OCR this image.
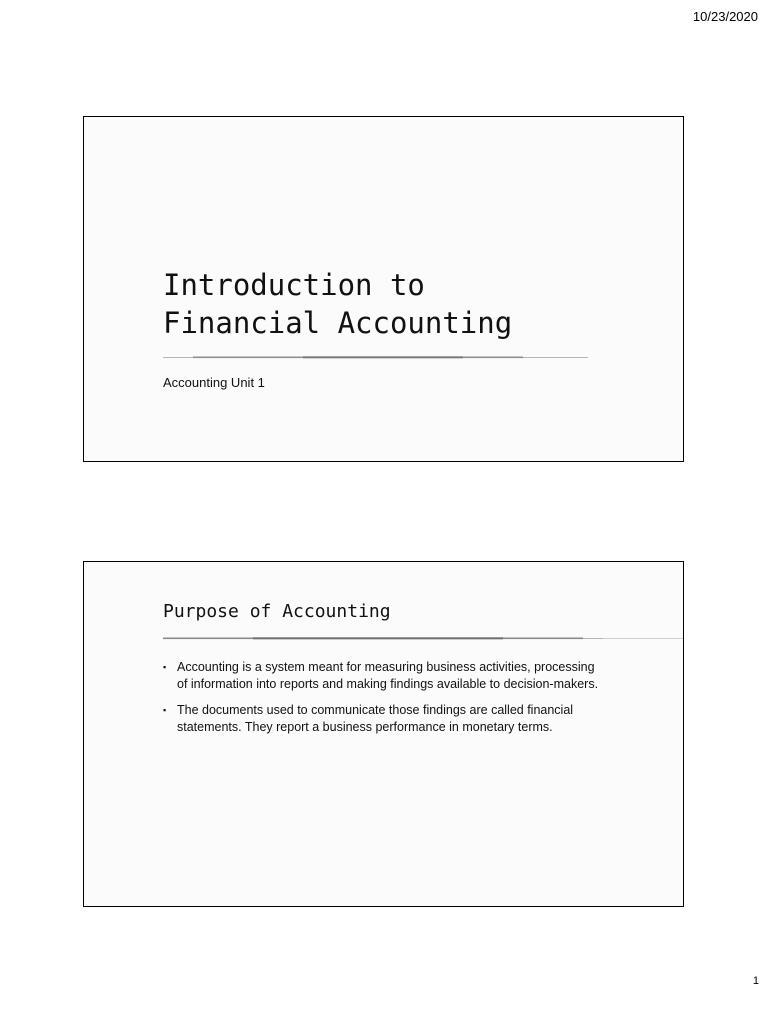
10/23/2020
Introduction to
Financial Accounting
Accounting Unit 1
Purpose of Accounting
▪ Accounting is a system meant for measuring business activities, processing of information into reports and making findings available to decision-makers.
▪ The documents used to communicate those findings are called financial statements. They report a business performance in monetary terms.
1
